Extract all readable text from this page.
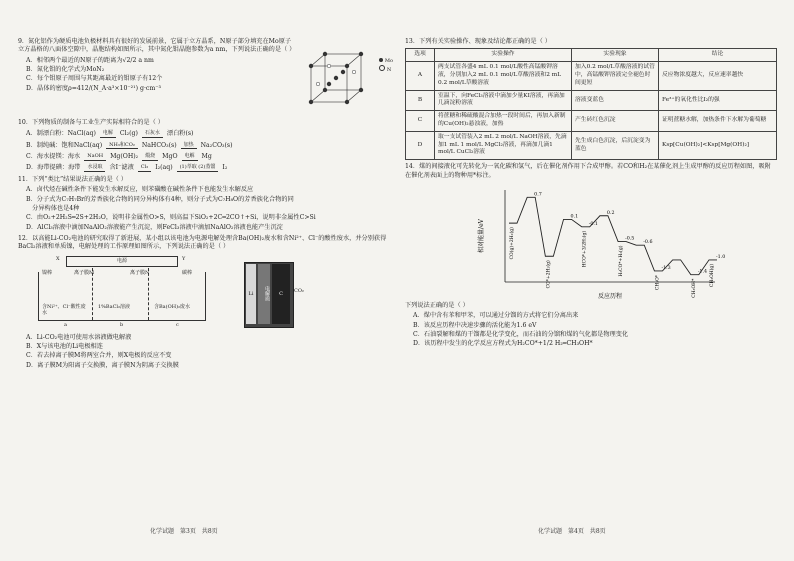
9．氮化铝作为硬质电池负极材料具有很好的发展前景，它属于立方晶系，N原子部分填充在Mo原子立方晶格的八面体空隙中，晶胞结构如图所示，其中氮化钼晶胞参数为a nm，下列说法正确的是（ ）

A．相邻两个最近的N原子的距离为√2/2 a nm

B．氮化钼的化学式为MoN₂

C．每个钼原子周围与其距离最近的钼原子有12个

D．晶体的密度ρ=412/(N_A·a³×10⁻²¹) g·cm⁻³

Mo
N

10．下列物质的制备与工业生产实际相符合的是（ ）

A．制漂白粉：NaCl(aq)	电解	Cl₂(g)	石灰水	漂白粉(s)
B．制纯碱：饱和NaCl(aq)	NH₃和CO₂	NaHCO₃(s)	加热	Na₂CO₃(s)
C．海水提镁：海水	NaOH	Mg(OH)₂	煅烧	MgO	电解	Mg
D．海带提碘：海带	水浸取	含I⁻滤液	Cl₂	I₂(aq)	(1)萃取 (2)蒸馏	I₂

11．下列“类比”结果说法正确的是（ ）

A．卤代烃在碱性条件下能发生水解反应，则苯磺酸在碱性条件下也能发生水解反应

B．分子式为C₇H₇Br的芳香族化合物的同分异构体有4种，则分子式为C₇H₈O的芳香族化合物的同

　分异构体也是4种

C．由O₂+2H₂S═2S+2H₂O，说明非金属性O>S，则高温下SiO₂+2C═2CO↑+Si，说明非金属性C>Si

D．AlCl₃溶液中滴加NaAlO₂溶液能产生沉淀，则FeCl₃溶液中滴加NaAlO₂溶液也能产生沉淀

12．以高能Li-CO₂电池的研究取得了新进展，某小组以该电池为电源电解处理含Ba(OH)₂废水和含Ni²⁺、Cl⁻的酸性废水，并分别获得BaCl₂溶液和单质镍，电解处理的工作原理如图所示，下列说法正确的是（ ）

电源
X	Y
镍棒	离子膜M	离子膜N	碳棒
含Ni²⁺、Cl⁻酸性废水
1%BaCl₂溶液	含Ba(OH)₂废水
a	b	c
Li	电解质	C	CO₂

A．Li-CO₂电池可使用水溶液做电解液

B．X与该电池的Li电极相连

C．若去掉离子膜M将两室合并，则X电极的反应不变

D．离子膜M为阳离子交换膜，离子膜N为阴离子交换膜

13．下列有关实验操作、现象及结论都正确的是（ ）

选项	实验操作	实验现象	结论
A	两支试管各盛4 mL 0.1 mol/L酸性高锰酸钾溶液，分别加入2 mL 0.1 mol/L草酸溶液和2 mL 0.2 mol/L草酸溶液	加入0.2 mol/L草酸溶液的试管中，高锰酸钾溶液完全褪色时间更短	反应物浓度越大，反应速率越快
B	室温下，向FeCl₃溶液中滴加少量KI溶液，再滴加几滴淀粉溶液	溶液变蓝色	Fe³⁺的氧化性比I₂的强
C	将蔗糖和稀硫酸混合加热一段时间后，再加入新制的Cu(OH)₂悬浊液，加热	产生砖红色沉淀	证明蔗糖水解，加热条件下水解为葡萄糖
D	取一支试管装入2 mL 2 mol/L NaOH溶液，先滴加1 mL 1 mol/L MgCl₂溶液，再滴加几滴1 mol/L CuCl₂溶液	先生成白色沉淀，后沉淀变为蓝色	Ksp[Cu(OH)₂]<Ksp[Mg(OH)₂]

14．煤的间接液化可先转化为一氧化碳和氢气，后在催化剂作用下合成甲醇。若CO和H₂在某催化剂上生成甲醇的反应历程如图，吸附在催化剂表面上的物种用*标注。

相对能量/eV
反应历程
0.7
0.1
-0.1
0.2
-0.5
-0.6
-1.3
-1.4
-1.0
CO(g)+2H₂(g)
CO*+2H₂(g)
HCO*+3/2H₂(g)	H₂CO*+H₂(g)
CH₃O*	CH₃OH*
CH₃OH(g)

下列说法正确的是（ ）

A．煤中含有苯和甲苯，可以通过分馏的方式将它们分离出来

B．该反应历程中决速步骤的活化能为1.6 eV

C．石油裂解和煤的干馏都是化学变化，而石油的分馏和煤的气化都是物理变化

D．该历程中发生的化学反应方程式为H₂CO*+1/2 H₂═CH₃OH*

化学试题　第3页　共8页	化学试题　第4页　共8页
